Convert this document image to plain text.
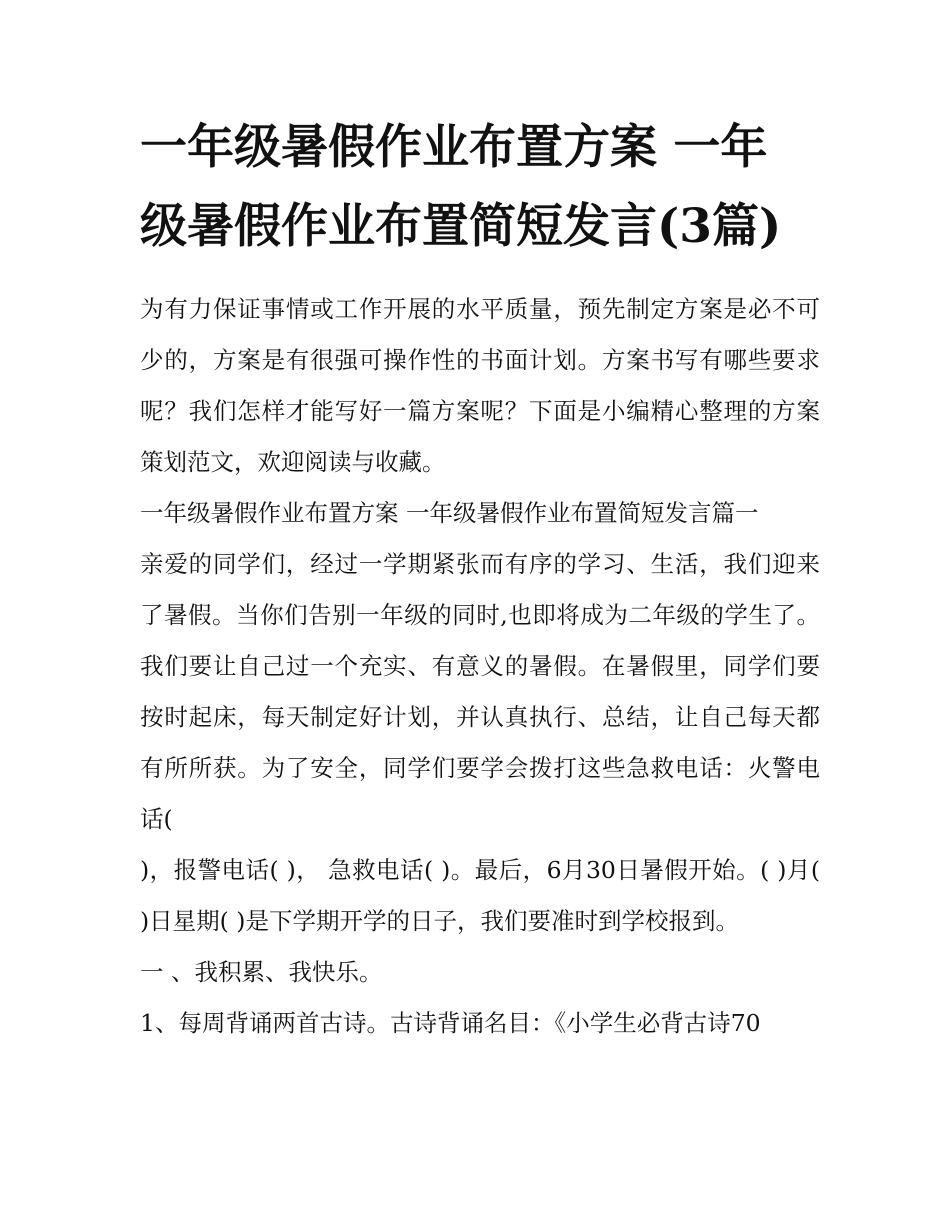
一年级暑假作业布置方案 一年级暑假作业布置简短发言(3篇)

为有力保证事情或工作开展的水平质量，预先制定方案是必不可少的，方案是有很强可操作性的书面计划。方案书写有哪些要求呢？我们怎样才能写好一篇方案呢？下面是小编精心整理的方案策划范文，欢迎阅读与收藏。

一年级暑假作业布置方案 一年级暑假作业布置简短发言篇一

亲爱的同学们，经过一学期紧张而有序的学习、生活，我们迎来了暑假。当你们告别一年级的同时,也即将成为二年级的学生了。我们要让自己过一个充实、有意义的暑假。在暑假里，同学们要按时起床，每天制定好计划，并认真执行、总结，让自己每天都有所所获。为了安全，同学们要学会拨打这些急救电话：火警电话(

)，报警电话( )， 急救电话( )。最后，6月30日暑假开始。( )月( )日星期( )是下学期开学的日子，我们要准时到学校报到。

一 、我积累、我快乐。

1、每周背诵两首古诗。古诗背诵名目：《小学生必背古诗70
